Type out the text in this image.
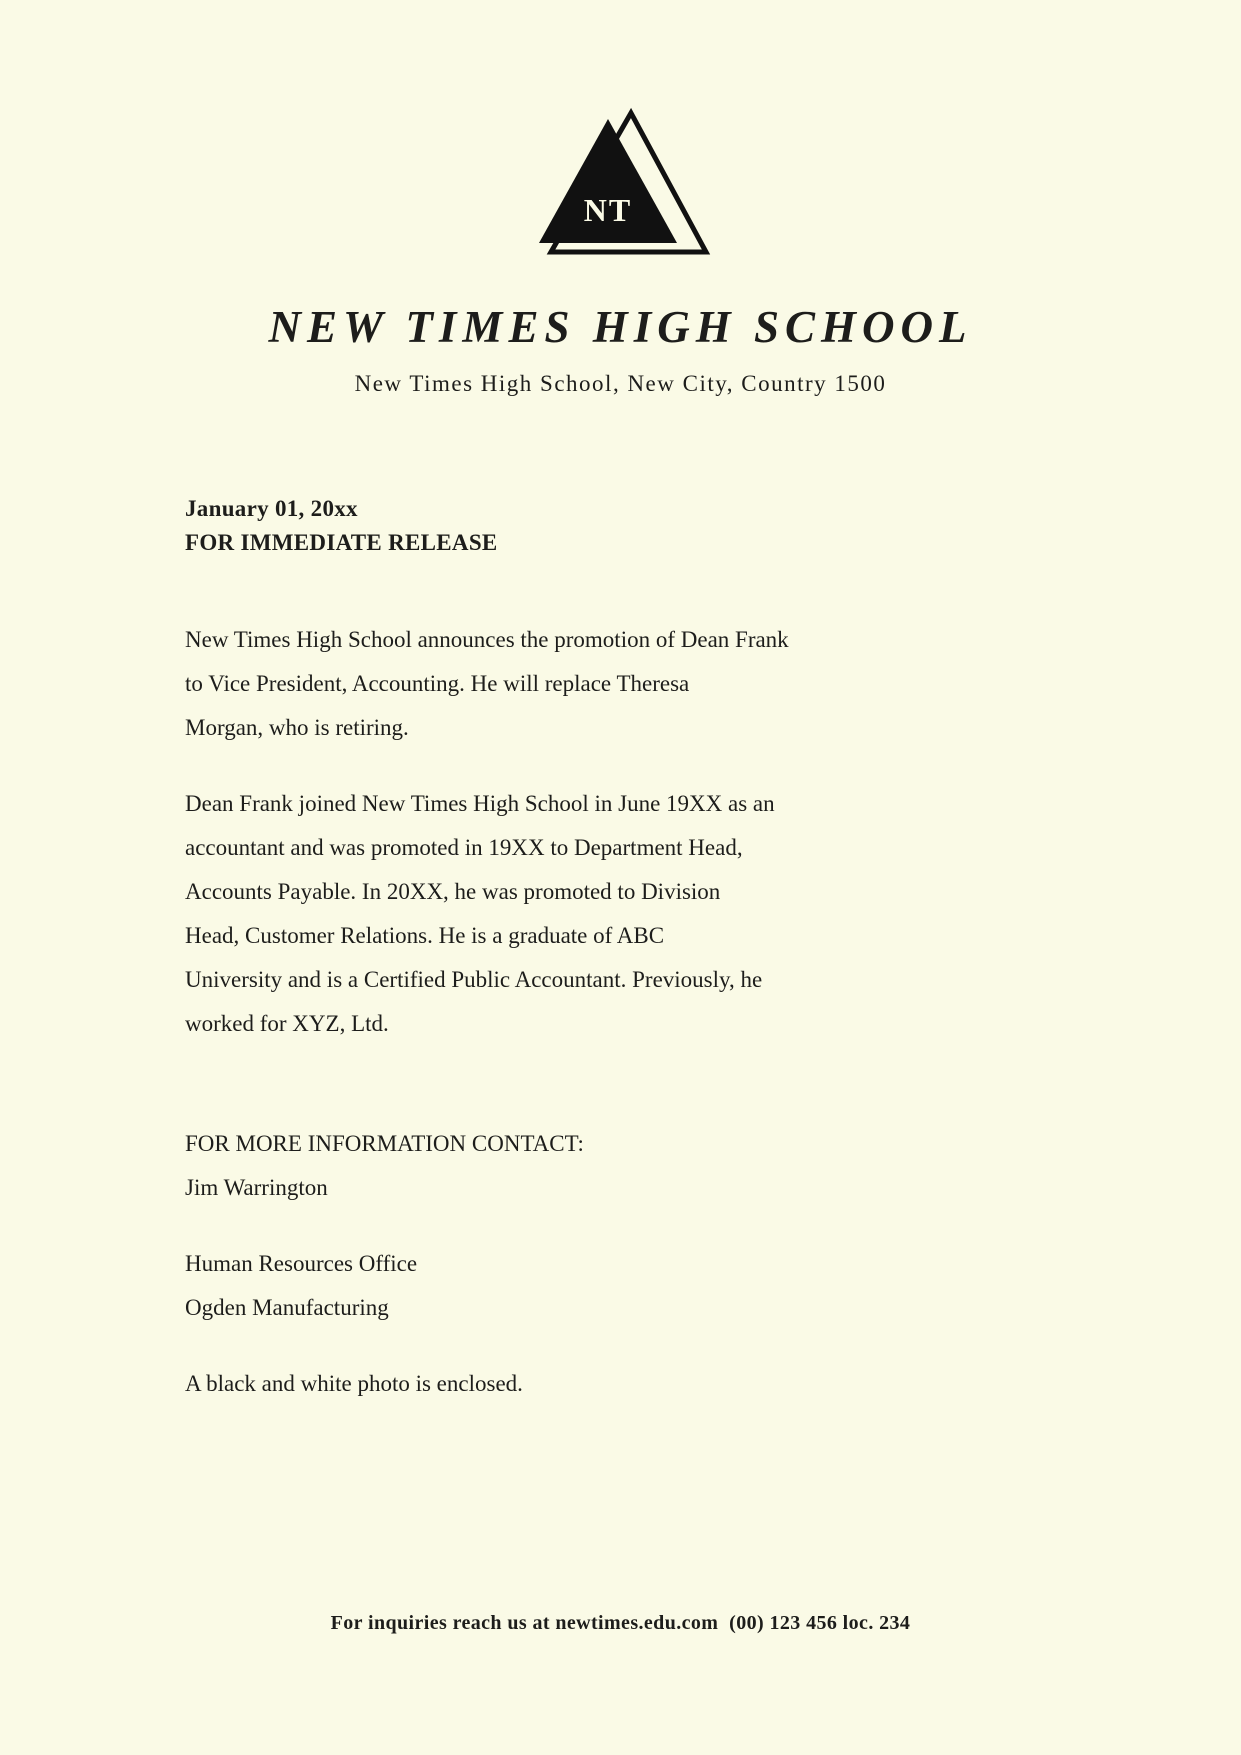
NT
NEW TIMES HIGH SCHOOL
New Times High School, New City, Country 1500
January 01, 20xx
FOR IMMEDIATE RELEASE
New Times High School announces the promotion of Dean Frank
to Vice President, Accounting. He will replace Theresa
Morgan, who is retiring.
Dean Frank joined New Times High School in June 19XX as an
accountant and was promoted in 19XX to Department Head,
Accounts Payable. In 20XX, he was promoted to Division
Head, Customer Relations. He is a graduate of ABC
University and is a Certified Public Accountant. Previously, he
worked for XYZ, Ltd.
FOR MORE INFORMATION CONTACT:
Jim Warrington
Human Resources Office
Ogden Manufacturing
A black and white photo is enclosed.
For inquiries reach us at newtimes.edu.com  (00) 123 456 loc. 234
